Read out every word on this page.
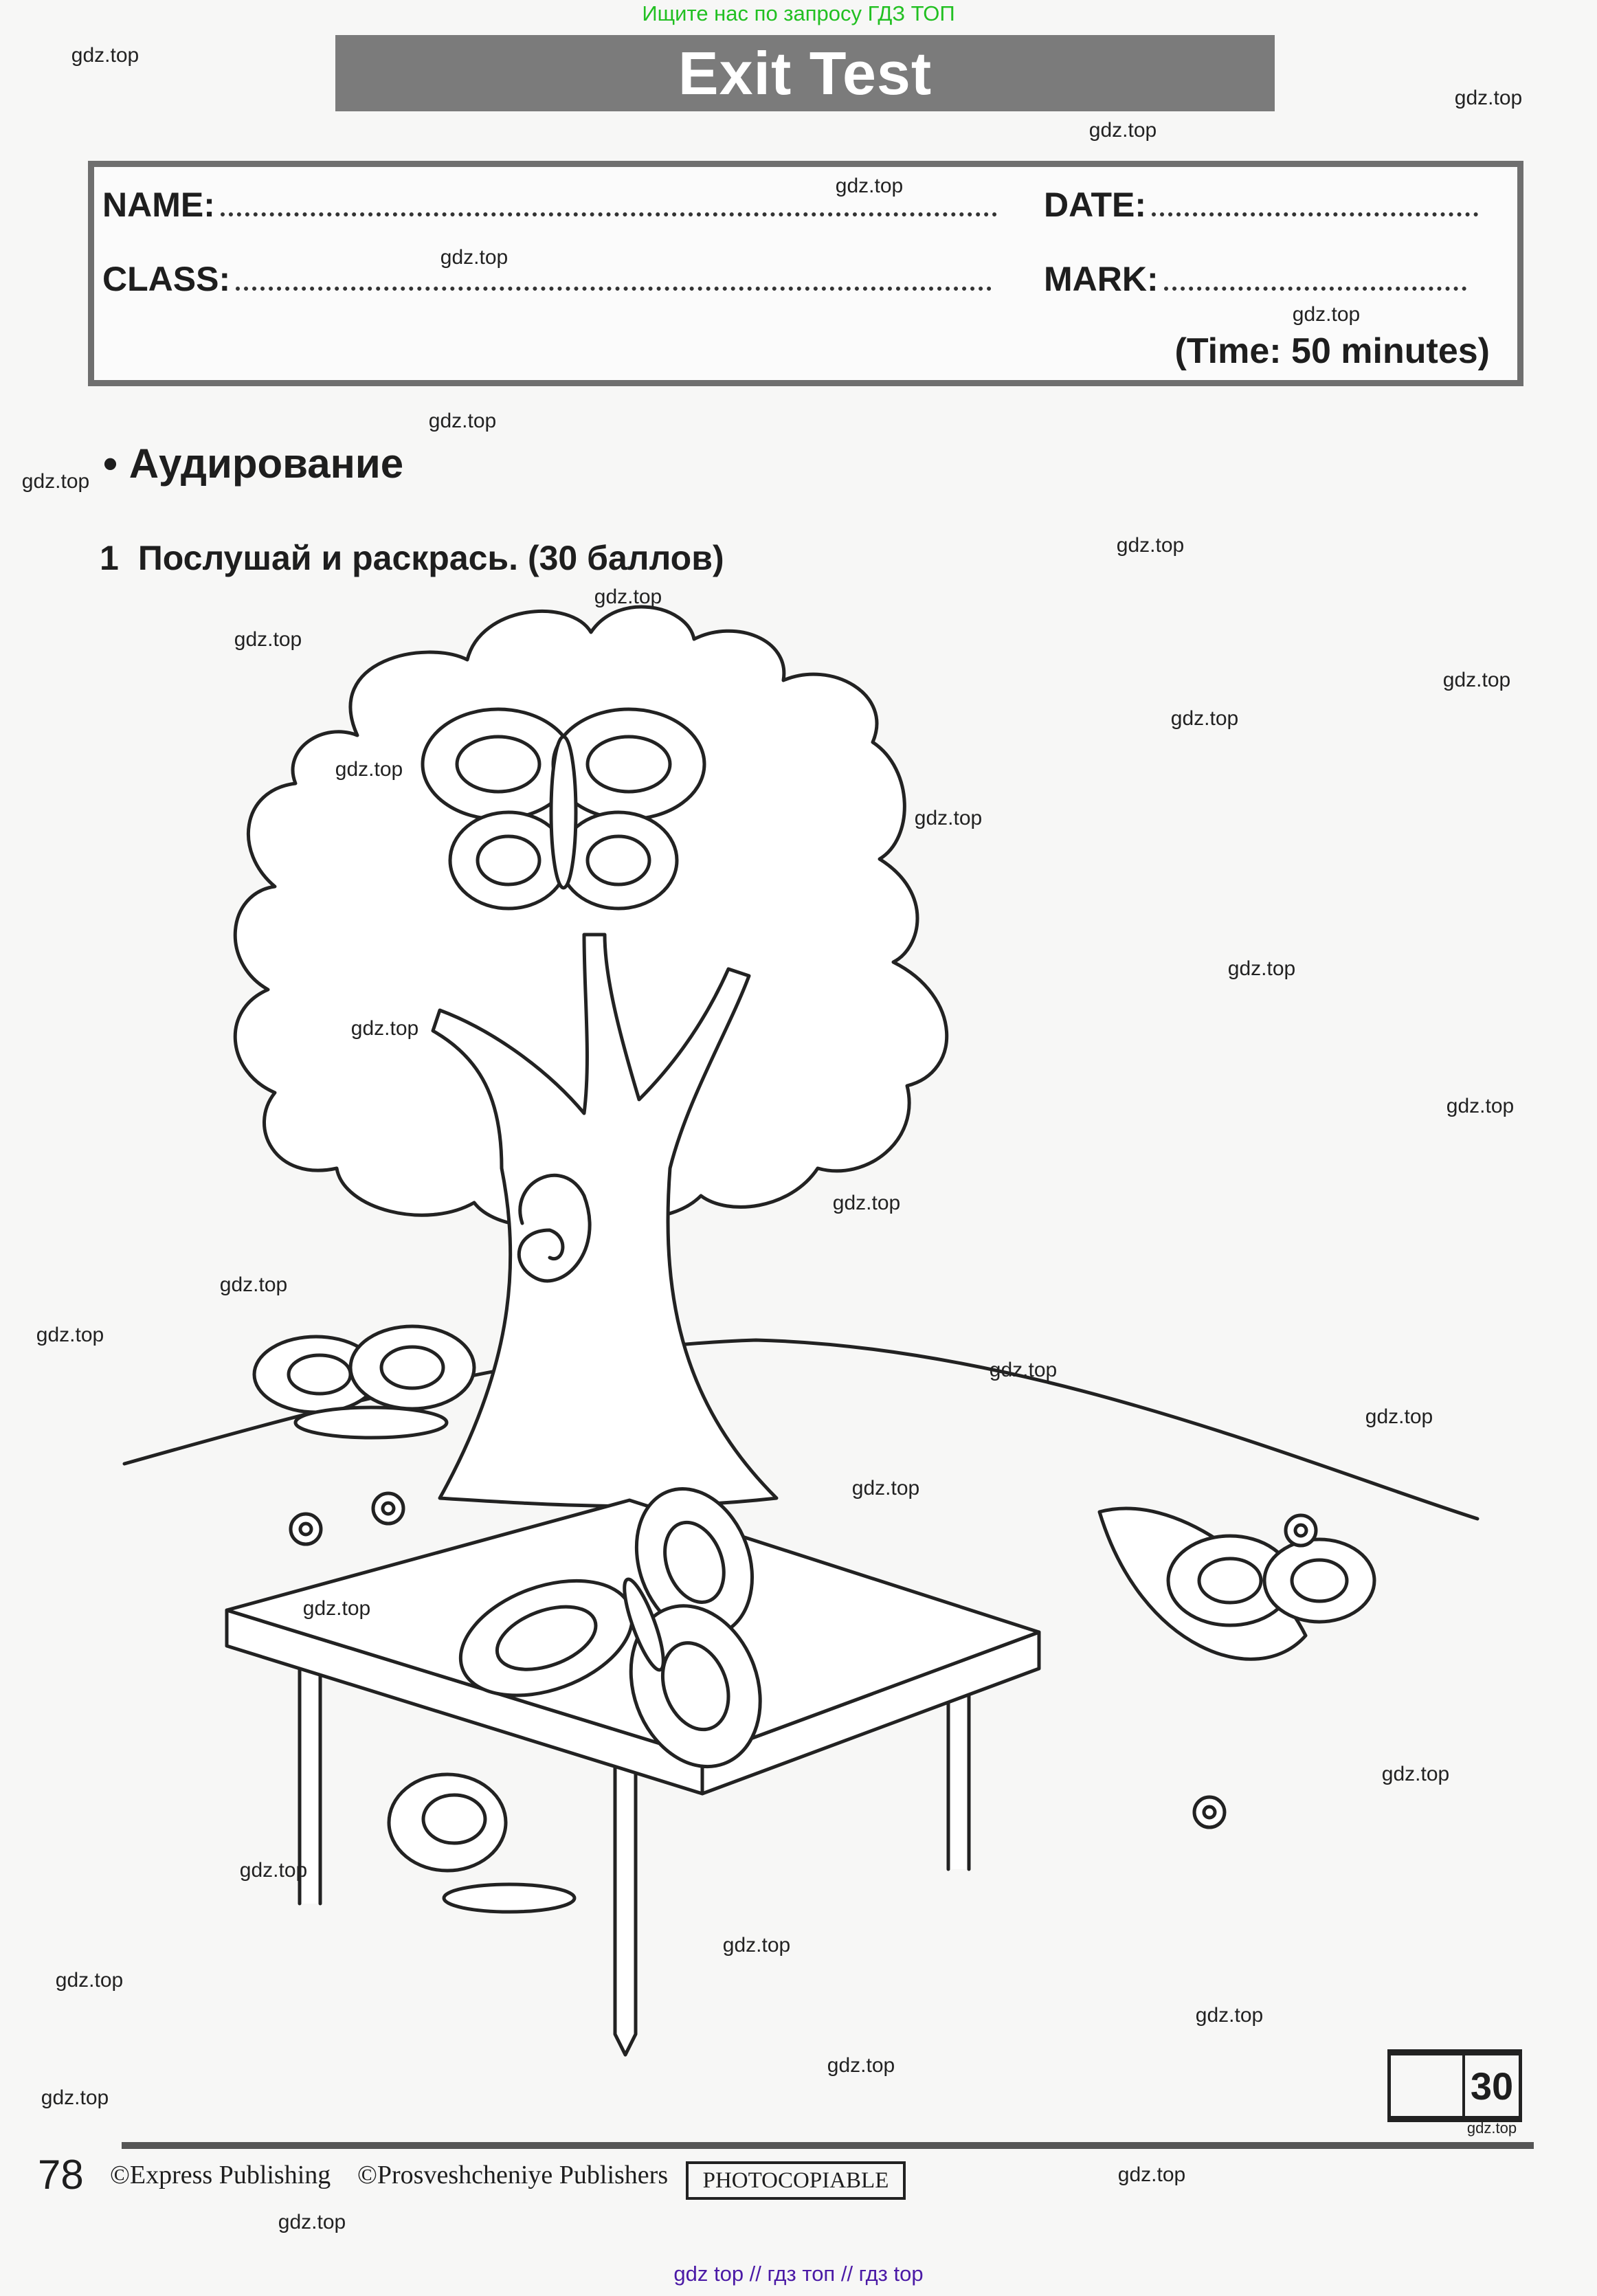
Ищите нас по запросу ГДЗ ТОП
Exit Test
NAME:	DATE:
CLASS:	MARK:
(Time: 50 minutes)
• Аудирование
1 Послушай и раскрась. (30 баллов)
30
78 ©Express Publishing ©Prosveshcheniye Publishers	PHOTOCOPIABLE
gdz top // гдз топ // гдз top
gdz.top
gdz.top
gdz.top
gdz.top
gdz.top
gdz.top
gdz.top
gdz.top
gdz.top
gdz.top
gdz.top
gdz.top
gdz.top
gdz.top
gdz.top
gdz.top
gdz.top
gdz.top
gdz.top
gdz.top
gdz.top
gdz.top
gdz.top
gdz.top
gdz.top
gdz.top
gdz.top
gdz.top
gdz.top
gdz.top
gdz.top
gdz.top
gdz.top
gdz.top
gdz.top
